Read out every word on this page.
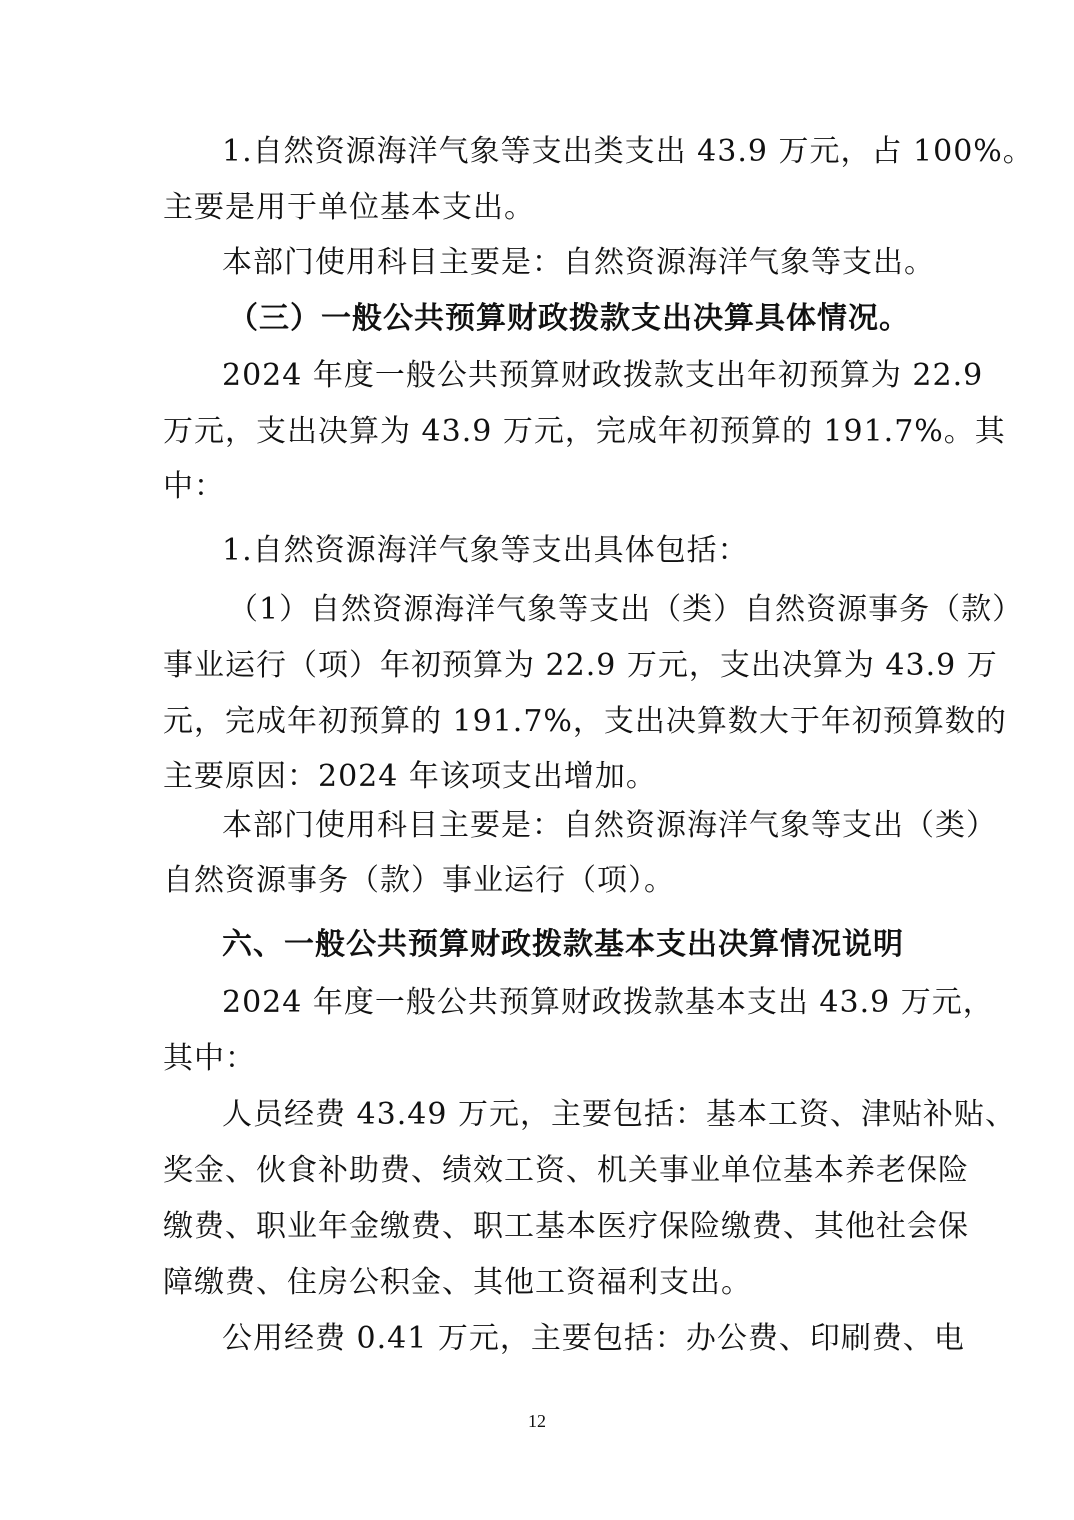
1.自然资源海洋气象等支出类支出 43.9 万元，占 100%。
主要是用于单位基本支出。
本部门使用科目主要是：自然资源海洋气象等支出。
（三）一般公共预算财政拨款支出决算具体情况。
2024 年度一般公共预算财政拨款支出年初预算为 22.9
万元，支出决算为 43.9 万元，完成年初预算的 191.7%。其
中：
1.自然资源海洋气象等支出具体包括：
（1）自然资源海洋气象等支出（类）自然资源事务（款）
事业运行（项）年初预算为 22.9 万元，支出决算为 43.9 万
元，完成年初预算的 191.7%，支出决算数大于年初预算数的
主要原因：2024 年该项支出增加。
本部门使用科目主要是：自然资源海洋气象等支出（类）
自然资源事务（款）事业运行（项）。
六、一般公共预算财政拨款基本支出决算情况说明
2024 年度一般公共预算财政拨款基本支出 43.9 万元，
其中：
人员经费 43.49 万元，主要包括：基本工资、津贴补贴、
奖金、伙食补助费、绩效工资、机关事业单位基本养老保险
缴费、职业年金缴费、职工基本医疗保险缴费、其他社会保
障缴费、住房公积金、其他工资福利支出。
公用经费 0.41 万元，主要包括：办公费、印刷费、电
12
